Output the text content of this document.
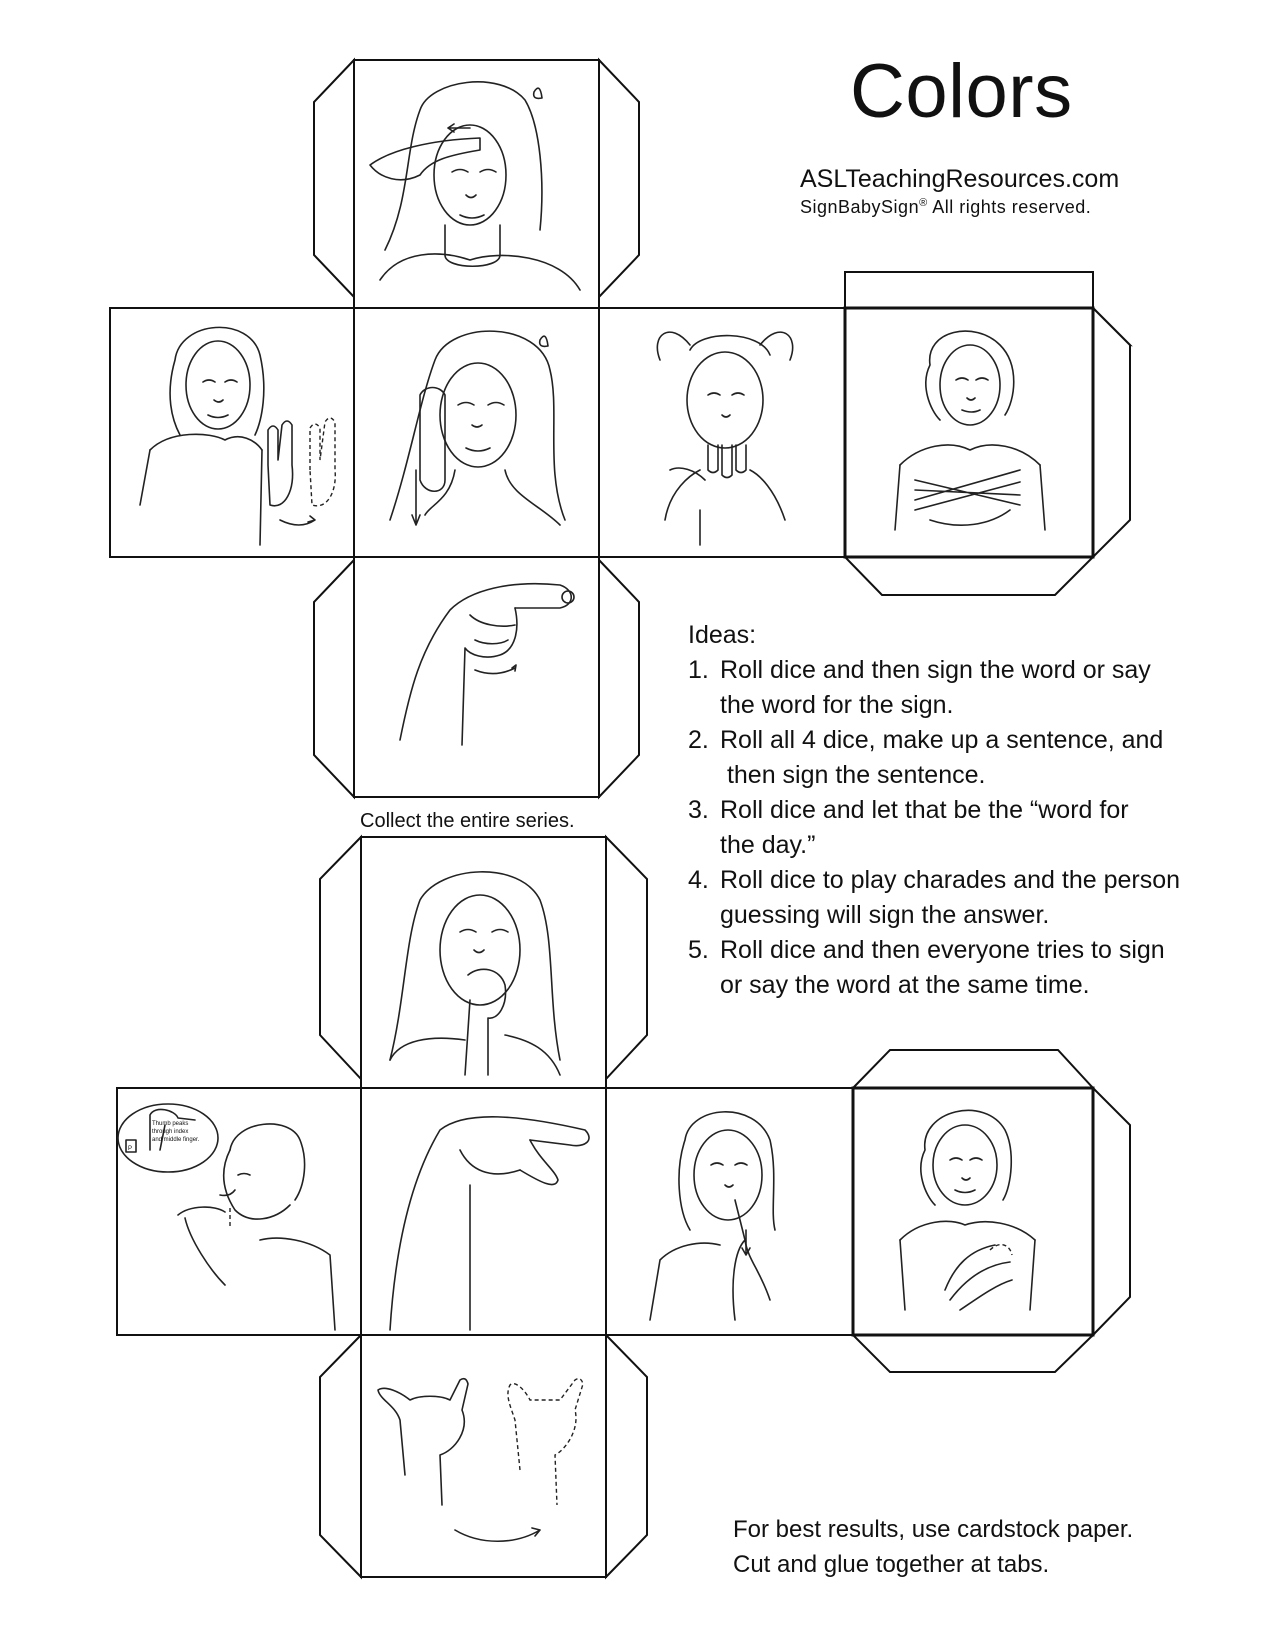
P
Thumb peaks
through index
and middle finger.
Colors
ASLTeachingResources.com
SignBabySign® All rights reserved.
Collect the entire series.
Ideas:
1. Roll dice and then sign the word or say
the word for the sign.
2. Roll all 4 dice, make up a sentence, and
then sign the sentence.
3. Roll dice and let that be the “word for
the day.”
4. Roll dice to play charades and the person
guessing will sign the answer.
5. Roll dice and then everyone tries to sign
or say the word at the same time.
For best results, use cardstock paper.
Cut and glue together at tabs.
